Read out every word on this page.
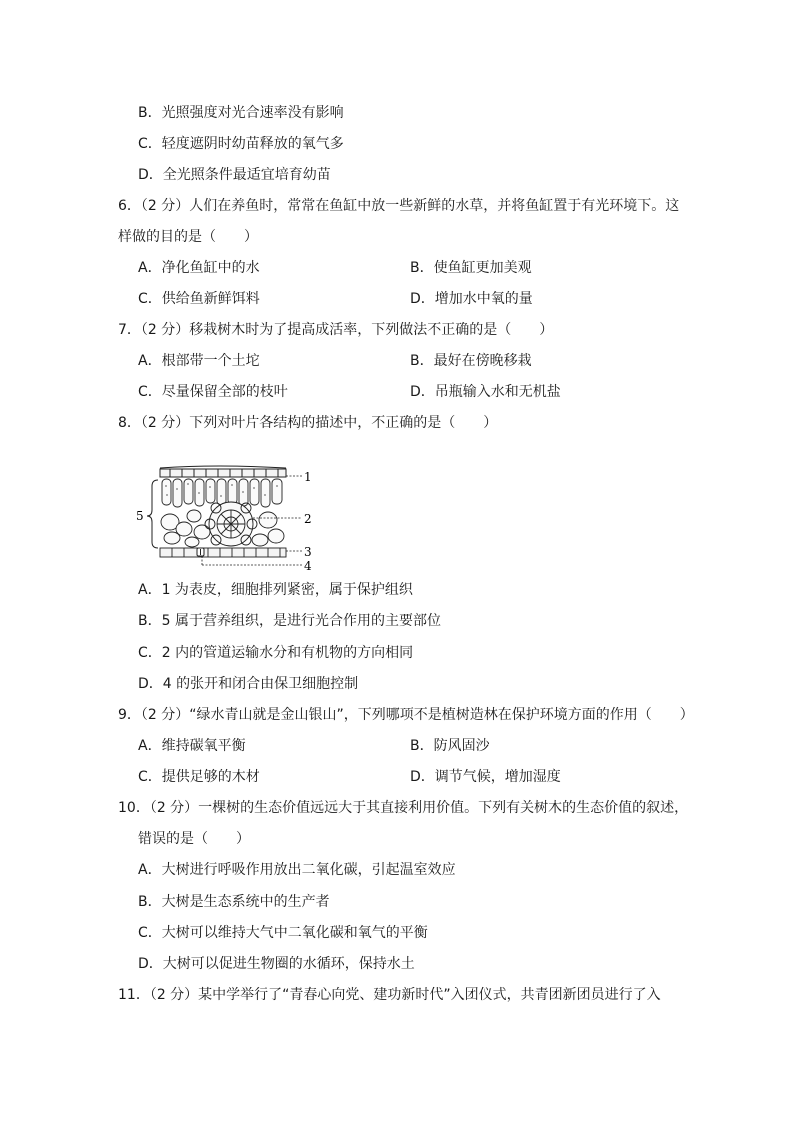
B．光照强度对光合速率没有影响
C．轻度遮阴时幼苗释放的氧气多
D．全光照条件最适宜培育幼苗
6．（2 分）人们在养鱼时，常常在鱼缸中放一些新鲜的水草，并将鱼缸置于有光环境下。这
样做的目的是（　　）
A．净化鱼缸中的水	B．使鱼缸更加美观
C．供给鱼新鲜饵料	D．增加水中氧的量
7．（2 分）移栽树木时为了提高成活率，下列做法不正确的是（　　）
A．根部带一个土坨	B．最好在傍晚移栽
C．尽量保留全部的枝叶	D．吊瓶输入水和无机盐
8．（2 分）下列对叶片各结构的描述中，不正确的是（　　）
1
2
3
4
5
A．1 为表皮，细胞排列紧密，属于保护组织
B．5 属于营养组织，是进行光合作用的主要部位
C．2 内的管道运输水分和有机物的方向相同
D．4 的张开和闭合由保卫细胞控制
9．（2 分）“绿水青山就是金山银山”，下列哪项不是植树造林在保护环境方面的作用（　　）
A．维持碳氧平衡	B．防风固沙
C．提供足够的木材	D．调节气候，增加湿度
10．（2 分）一棵树的生态价值远远大于其直接利用价值。下列有关树木的生态价值的叙述，
错误的是（　　）
A．大树进行呼吸作用放出二氧化碳，引起温室效应
B．大树是生态系统中的生产者
C．大树可以维持大气中二氧化碳和氧气的平衡
D．大树可以促进生物圈的水循环，保持水土
11．（2 分）某中学举行了“青春心向党、建功新时代”入团仪式，共青团新团员进行了入
